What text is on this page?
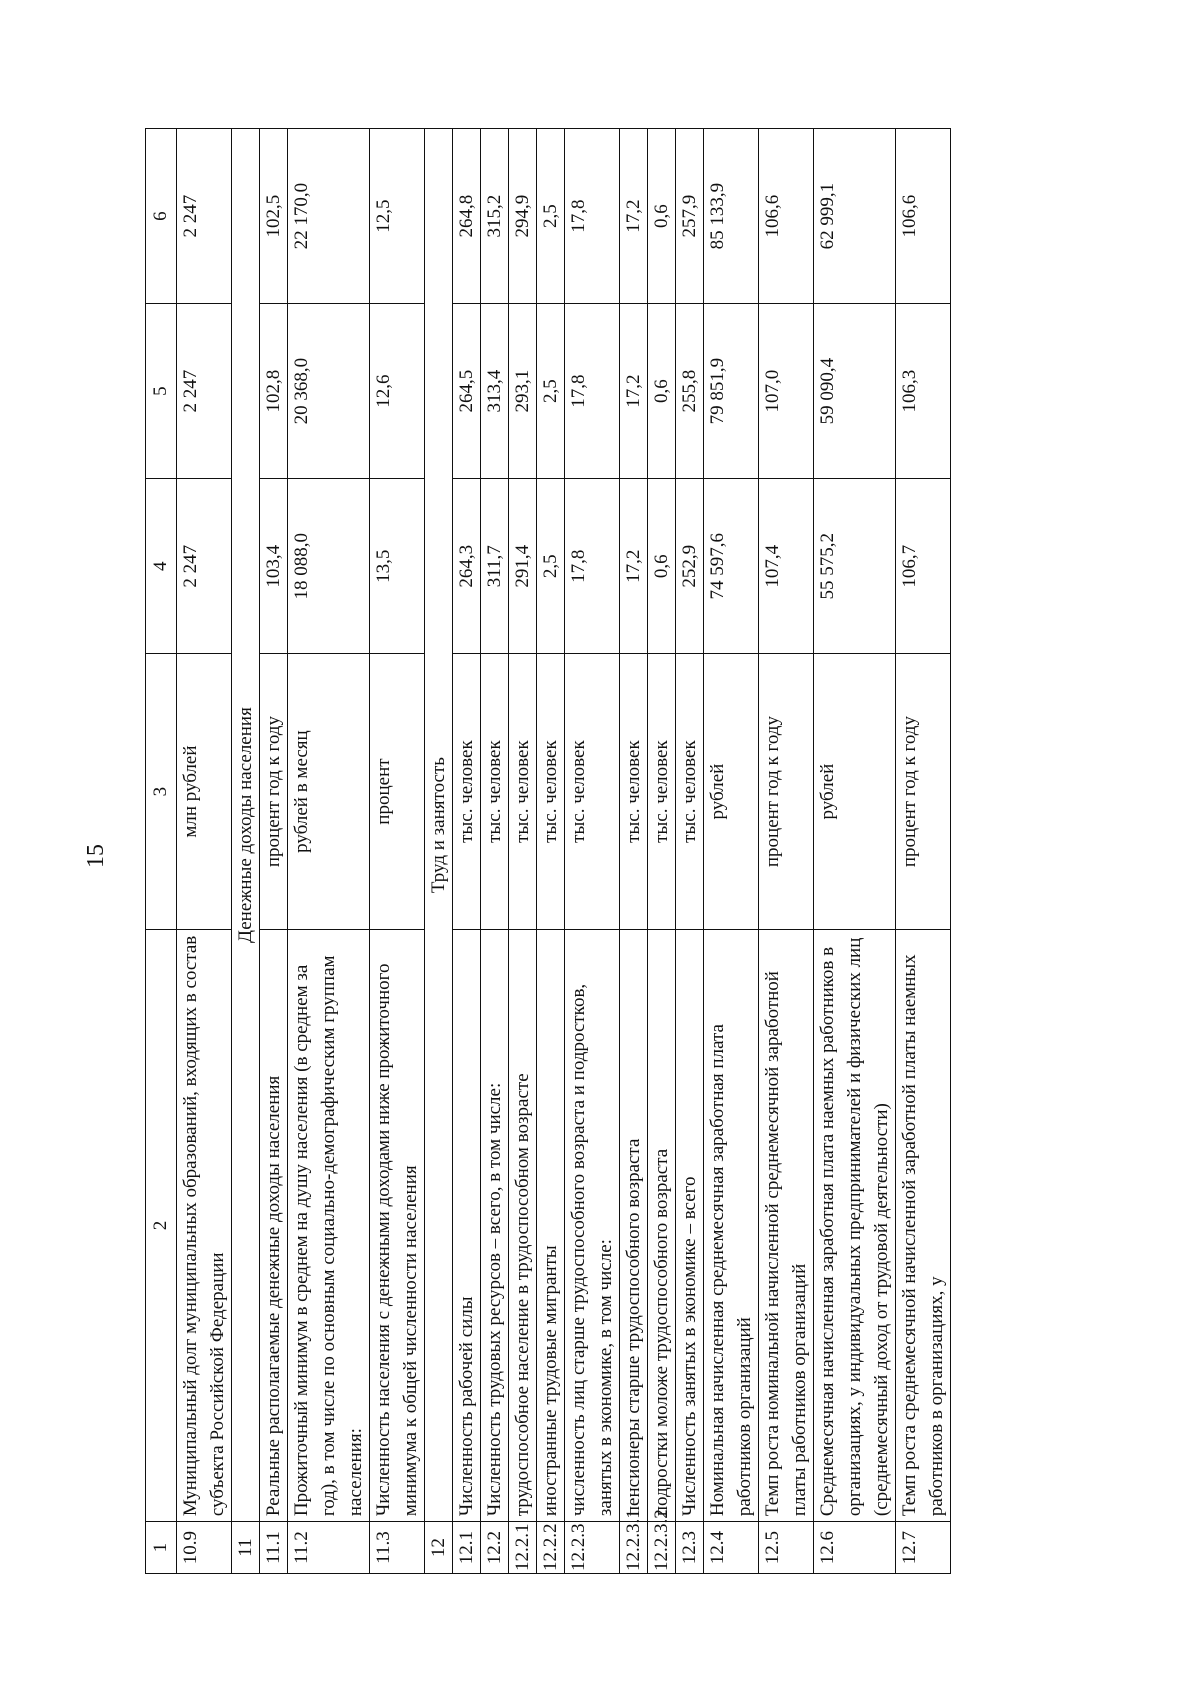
15
1	2	3	4	5	6
10.9	Муниципальный долг муниципальных образований, входящих в состав субъекта Российской Федерации	млн рублей	2 247	2 247	2 247
11	Денежные доходы населения				
11.1	Реальные располагаемые денежные доходы населения	процент год к году	103,4	102,8	102,5
11.2	Прожиточный минимум в среднем на душу населения (в среднем за год), в том числе по основным социально-демографическим группам населения:	рублей в месяц	18 088,0	20 368,0	22 170,0
11.3	Численность населения с денежными доходами ниже прожиточного минимума к общей численности населения	процент	13,5	12,6	12,5
12	Труд и занятость				
12.1	Численность рабочей силы	тыс. человек	264,3	264,5	264,8
12.2	Численность трудовых ресурсов – всего, в том числе:	тыс. человек	311,7	313,4	315,2
12.2.1	трудоспособное население в трудоспособном возрасте	тыс. человек	291,4	293,1	294,9
12.2.2	иностранные трудовые мигранты	тыс. человек	2,5	2,5	2,5
12.2.3	численность лиц старше трудоспособного возраста и подростков, занятых в экономике, в том числе:	тыс. человек	17,8	17,8	17,8
12.2.3.1	пенсионеры старше трудоспособного возраста	тыс. человек	17,2	17,2	17,2
12.2.3.2	подростки моложе трудоспособного возраста	тыс. человек	0,6	0,6	0,6
12.3	Численность занятых в экономике – всего	тыс. человек	252,9	255,8	257,9
12.4	Номинальная начисленная среднемесячная заработная плата работников организаций	рублей	74 597,6	79 851,9	85 133,9
12.5	Темп роста номинальной начисленной среднемесячной заработной платы работников организаций	процент год к году	107,4	107,0	106,6
12.6	Среднемесячная начисленная заработная плата наемных работников в организациях, у индивидуальных предпринимателей и физических лиц (среднемесячный доход от трудовой деятельности)	рублей	55 575,2	59 090,4	62 999,1
12.7	Темп роста среднемесячной начисленной заработной платы наемных работников в организациях, у	процент год к году	106,7	106,3	106,6
